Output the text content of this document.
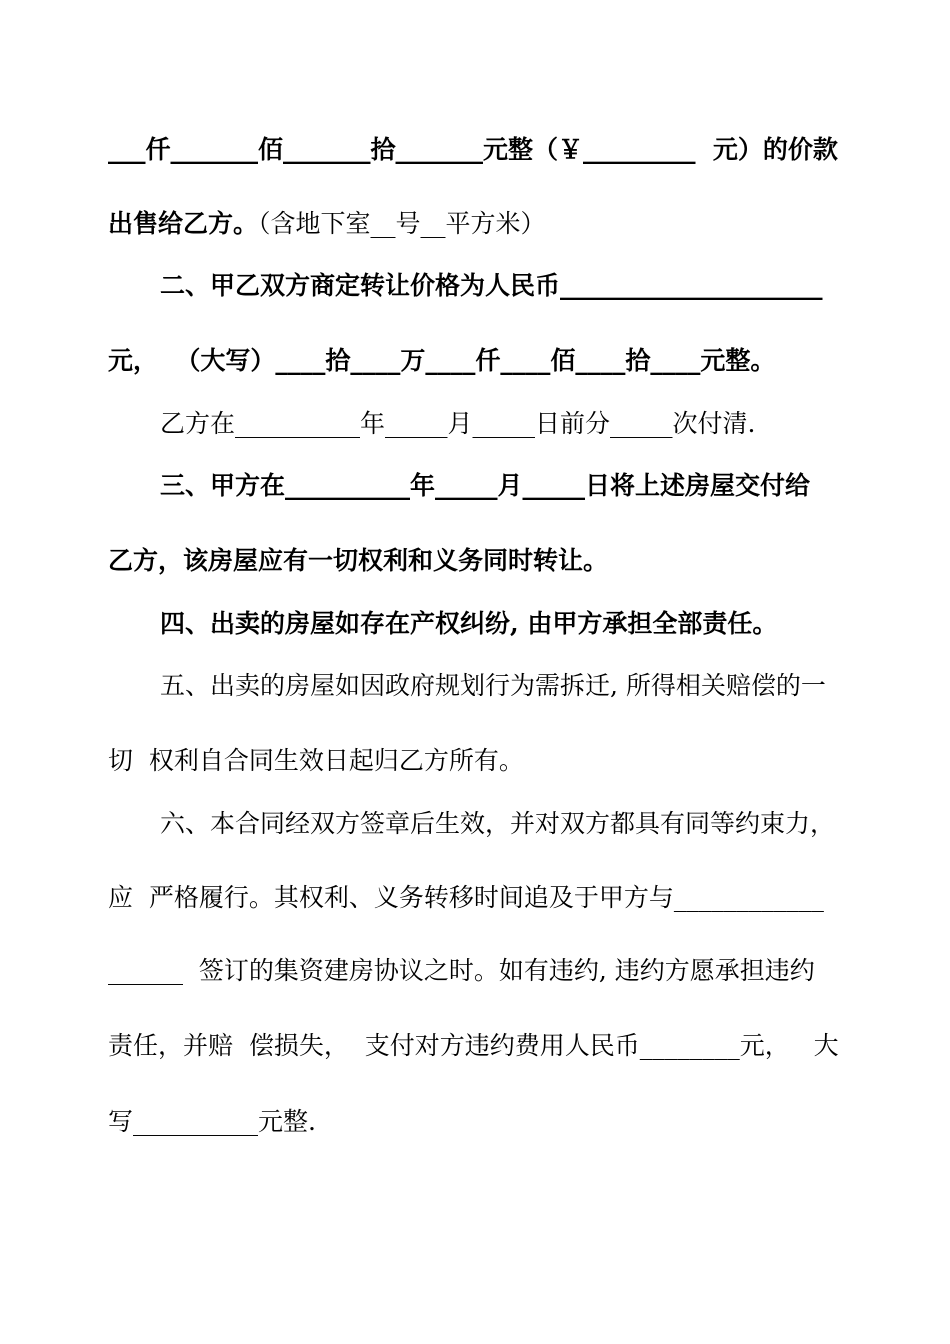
___仟_______佰_______拾_______元整（￥_________  元）的价款
出售给乙方。（含地下室__号__平方米）
二、甲乙双方商定转让价格为人民币_____________________
元，  （大写）____拾____万____仟____佰____拾____元整。
乙方在__________年_____月_____日前分_____次付清.
三、甲方在__________年_____月_____日将上述房屋交付给
乙方，该房屋应有一切权利和义务同时转让。
四、出卖的房屋如存在产权纠纷, 由甲方承担全部责任。
五、出卖的房屋如因政府规划行为需拆迁, 所得相关赔偿的一
切  权利自合同生效日起归乙方所有。
六、本合同经双方签章后生效，并对双方都具有同等约束力，
应  严格履行。其权利、义务转移时间追及于甲方与____________
______  签订的集资建房协议之时。如有违约, 违约方愿承担违约
责任，并赔  偿损失，  支付对方违约费用人民币________元，   大
写__________元整.
